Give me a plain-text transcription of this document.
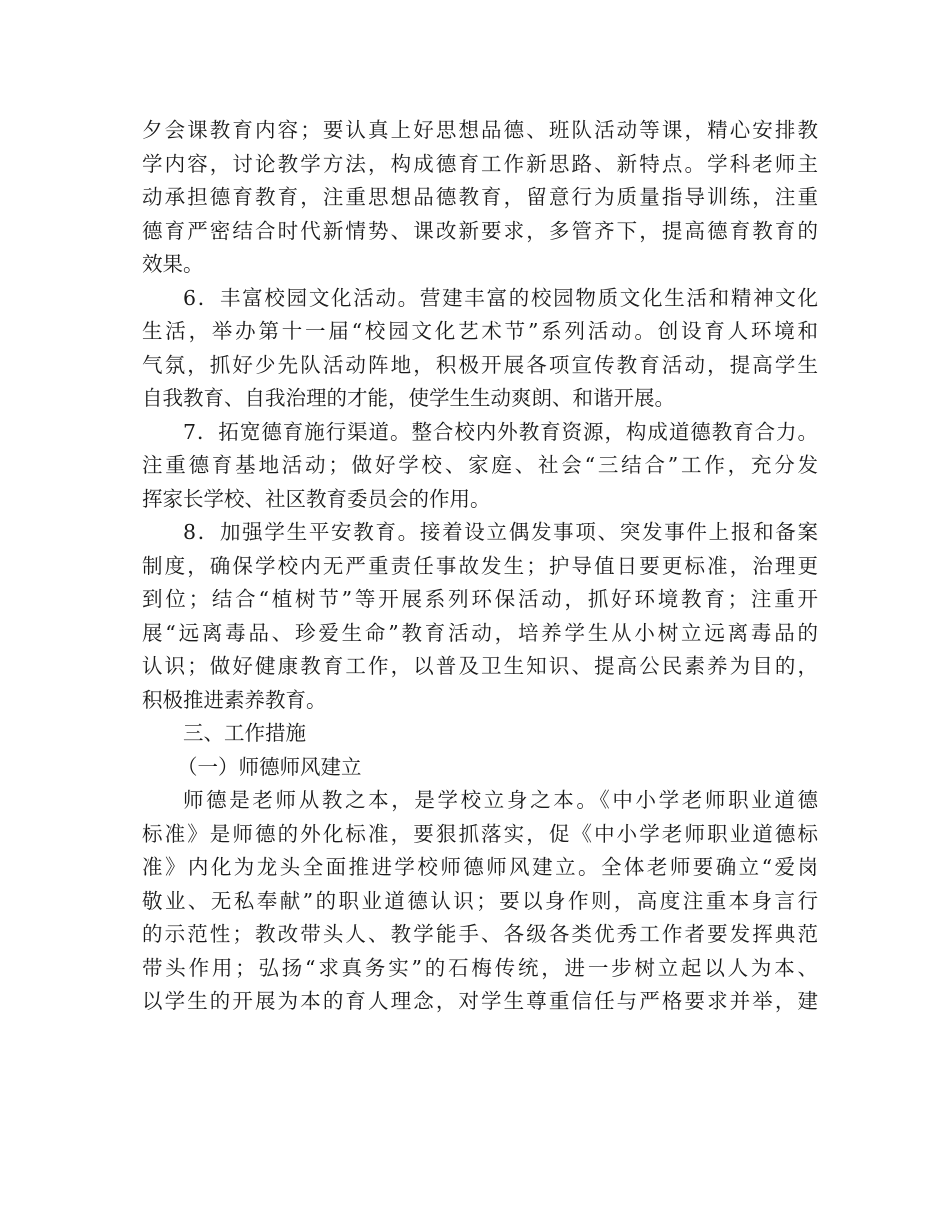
夕会课教育内容；要认真上好思想品德、班队活动等课，精心安排教
学内容，讨论教学方法，构成德育工作新思路、新特点。学科老师主
动承担德育教育，注重思想品德教育，留意行为质量指导训练，注重
德育严密结合时代新情势、课改新要求，多管齐下，提高德育教育的
效果。
6．丰富校园文化活动。营建丰富的校园物质文化生活和精神文化
生活，举办第十一届“校园文化艺术节”系列活动。创设育人环境和
气氛，抓好少先队活动阵地，积极开展各项宣传教育活动，提高学生
自我教育、自我治理的才能，使学生生动爽朗、和谐开展。
7．拓宽德育施行渠道。整合校内外教育资源，构成道德教育合力。
注重德育基地活动；做好学校、家庭、社会“三结合”工作，充分发
挥家长学校、社区教育委员会的作用。
8．加强学生平安教育。接着设立偶发事项、突发事件上报和备案
制度，确保学校内无严重责任事故发生；护导值日要更标准，治理更
到位；结合“植树节”等开展系列环保活动，抓好环境教育；注重开
展“远离毒品、珍爱生命”教育活动，培养学生从小树立远离毒品的
认识；做好健康教育工作，以普及卫生知识、提高公民素养为目的，
积极推进素养教育。
三、工作措施
（一）师德师风建立
师德是老师从教之本，是学校立身之本。《中小学老师职业道德
标准》是师德的外化标准，要狠抓落实，促《中小学老师职业道德标
准》内化为龙头全面推进学校师德师风建立。全体老师要确立“爱岗
敬业、无私奉献”的职业道德认识；要以身作则，高度注重本身言行
的示范性；教改带头人、教学能手、各级各类优秀工作者要发挥典范
带头作用；弘扬“求真务实”的石梅传统，进一步树立起以人为本、
以学生的开展为本的育人理念，对学生尊重信任与严格要求并举，建
